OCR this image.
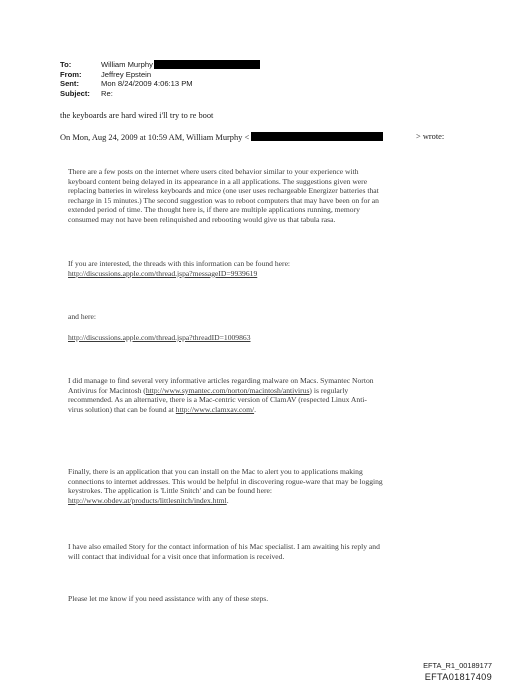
To:	William Murphy
From:	Jeffrey Epstein
Sent:	Mon 8/24/2009 4:06:13 PM
Subject:	Re:
the keyboards are hard wired i'll try to re boot
On Mon, Aug 24, 2009 at 10:59 AM, William Murphy <	> wrote:
There are a few posts on the internet where users cited behavior similar to your experience with
keyboard content being delayed in its appearance in a all applications. The suggestions given were
replacing batteries in wireless keyboards and mice (one user uses rechargeable Energizer batteries that
recharge in 15 minutes.) The second suggestion was to reboot computers that may have been on for an
extended period of time. The thought here is, if there are multiple applications running, memory
consumed may not have been relinquished and rebooting would give us that tabula rasa.
If you are interested, the threads with this information can be found here:
http://discussions.apple.com/thread.jspa?messageID=9939619
and here:
http://discussions.apple.com/thread.jspa?threadID=1009863
I did manage to find several very informative articles regarding malware on Macs. Symantec Norton
Antivirus for Macintosh (http://www.symantec.com/norton/macintosh/antivirus) is regularly
recommended. As an alternative, there is a Mac-centric version of ClamAV (respected Linux Anti-
virus solution) that can be found at http://www.clamxav.com/.
Finally, there is an application that you can install on the Mac to alert you to applications making
connections to internet addresses. This would be helpful in discovering rogue-ware that may be logging
keystrokes. The application is 'Little Snitch' and can be found here:
http://www.obdev.at/products/littlesnitch/index.html.
I have also emailed Story for the contact information of his Mac specialist. I am awaiting his reply and
will contact that individual for a visit once that information is received.
Please let me know if you need assistance with any of these steps.
EFTA_R1_00189177
EFTA01817409
